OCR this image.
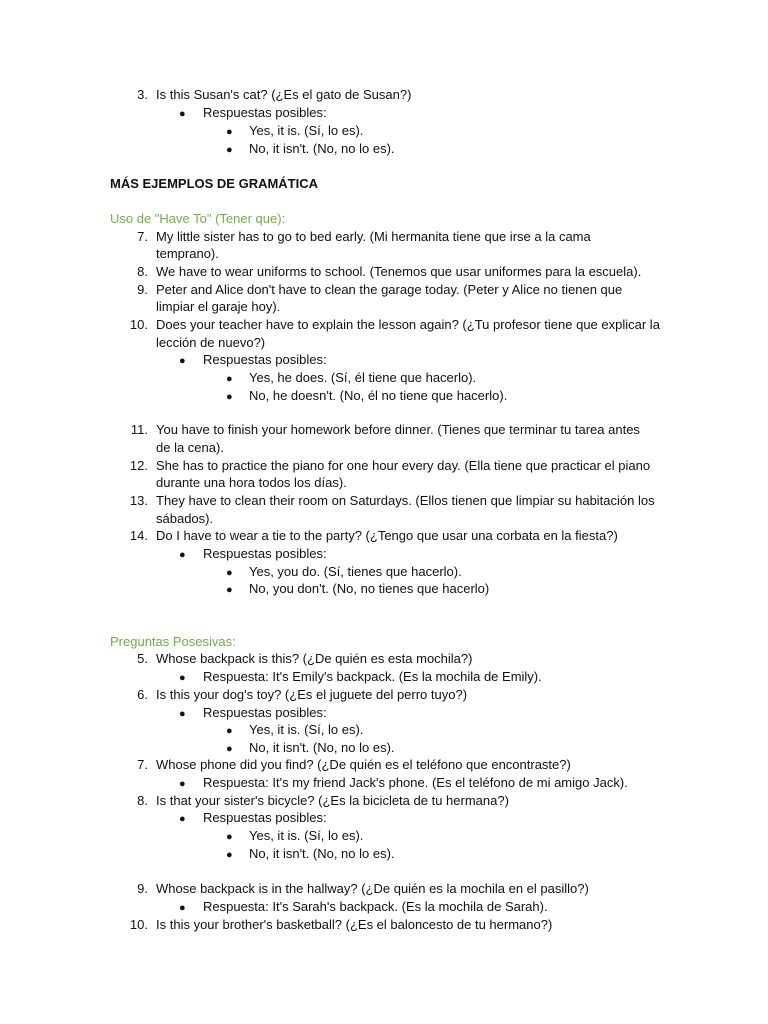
3. Is this Susan's cat? (¿Es el gato de Susan?)
● Respuestas posibles:
● Yes, it is. (Sí, lo es).
● No, it isn't. (No, no lo es).
MÁS EJEMPLOS DE GRAMÁTICA
Uso de "Have To" (Tener que):
7. My little sister has to go to bed early. (Mi hermanita tiene que irse a la cama
temprano).
8. We have to wear uniforms to school. (Tenemos que usar uniformes para la escuela).
9. Peter and Alice don't have to clean the garage today. (Peter y Alice no tienen que
limpiar el garaje hoy).
10. Does your teacher have to explain the lesson again? (¿Tu profesor tiene que explicar la
lección de nuevo?)
● Respuestas posibles:
● Yes, he does. (Sí, él tiene que hacerlo).
● No, he doesn't. (No, él no tiene que hacerlo).
11. You have to finish your homework before dinner. (Tienes que terminar tu tarea antes
de la cena).
12. She has to practice the piano for one hour every day. (Ella tiene que practicar el piano
durante una hora todos los días).
13. They have to clean their room on Saturdays. (Ellos tienen que limpiar su habitación los
sábados).
14. Do I have to wear a tie to the party? (¿Tengo que usar una corbata en la fiesta?)
● Respuestas posibles:
● Yes, you do. (Sí, tienes que hacerlo).
● No, you don't. (No, no tienes que hacerlo)
Preguntas Posesivas:
5. Whose backpack is this? (¿De quién es esta mochila?)
● Respuesta: It's Emily's backpack. (Es la mochila de Emily).
6. Is this your dog's toy? (¿Es el juguete del perro tuyo?)
● Respuestas posibles:
● Yes, it is. (Sí, lo es).
● No, it isn't. (No, no lo es).
7. Whose phone did you find? (¿De quién es el teléfono que encontraste?)
● Respuesta: It's my friend Jack's phone. (Es el teléfono de mi amigo Jack).
8. Is that your sister's bicycle? (¿Es la bicicleta de tu hermana?)
● Respuestas posibles:
● Yes, it is. (Sí, lo es).
● No, it isn't. (No, no lo es).
9. Whose backpack is in the hallway? (¿De quién es la mochila en el pasillo?)
● Respuesta: It's Sarah's backpack. (Es la mochila de Sarah).
10. Is this your brother's basketball? (¿Es el baloncesto de tu hermano?)
